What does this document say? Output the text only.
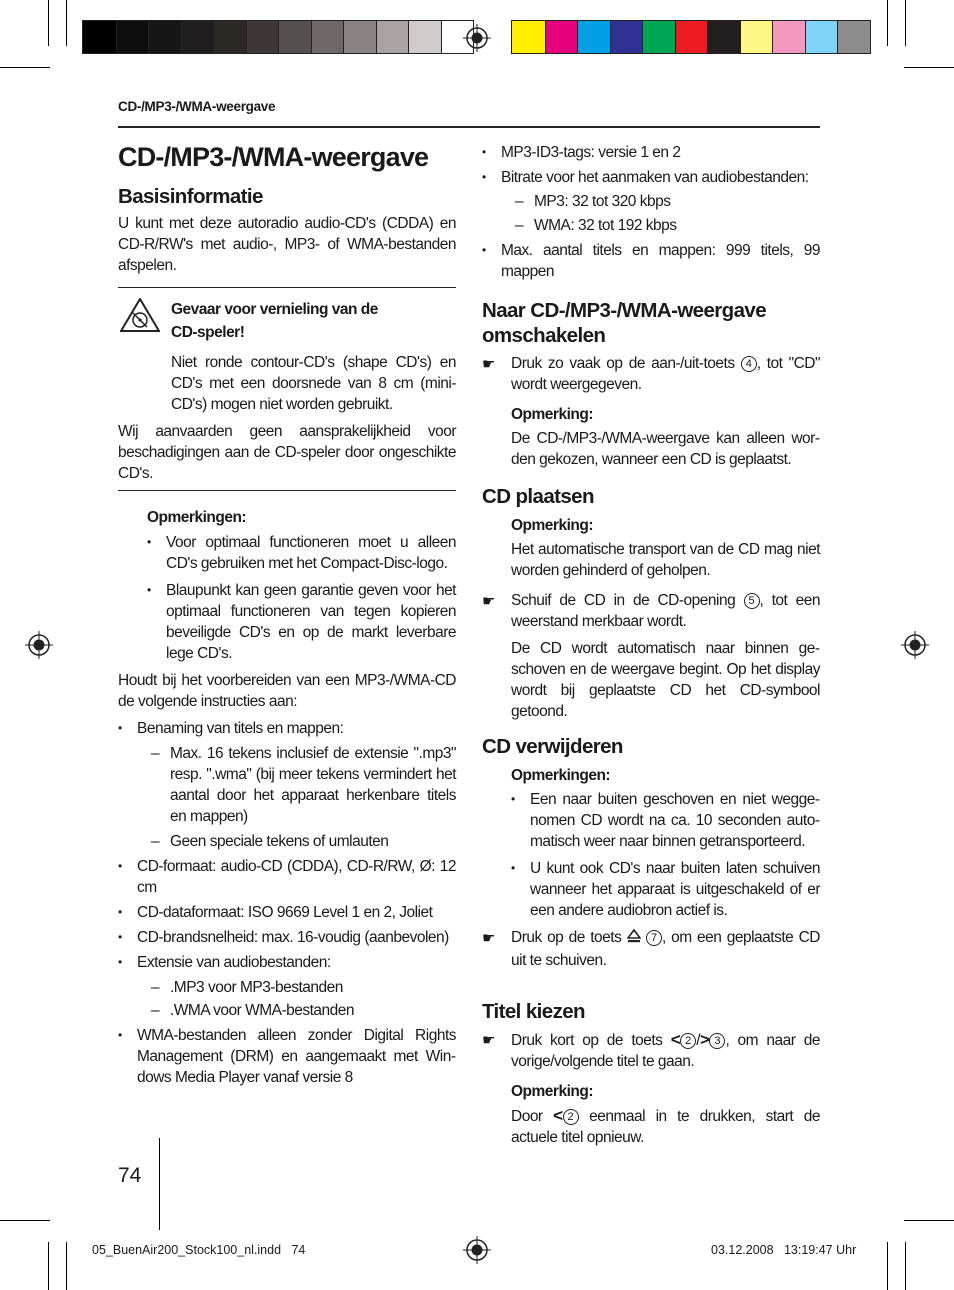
CD-/MP3-/WMA-weergave
CD-/MP3-/WMA-weergave
Basisinformatie

U kunt met deze autoradio audio-CD's (CDDA) en CD-R/RW's met audio-, MP3- of WMA-bestanden afspelen.

Gevaar voor vernieling van de CD-speler!

Niet ronde contour-CD's (shape CD's) en CD's met een doorsnede van 8 cm (mini-CD's) mogen niet worden gebruikt.

Wij aanvaarden geen aansprakelijkheid voor beschadigingen aan de CD-speler door ongeschikte CD's.

Opmerkingen:

• Voor optimaal functioneren moet u alleen CD's gebruiken met het Compact-Disc-logo.

• Blaupunkt kan geen garantie geven voor het optimaal functioneren van tegen kopieren beveiligde CD's en op de markt leverbare lege CD's.

Houdt bij het voorbereiden van een MP3-/WMA-CD de volgende instructies aan:

• Benaming van titels en mappen:

– Max. 16 tekens inclusief de extensie ".mp3" resp. ".wma" (bij meer tekens vermindert het aantal door het apparaat herkenbare titels en mappen)

– Geen speciale tekens of umlauten

• CD-formaat: audio-CD (CDDA), CD-R/RW, Ø: 12 cm

• CD-dataformaat: ISO 9669 Level 1 en 2, Joliet

• CD-brandsnelheid: max. 16-voudig (aanbevolen)

• Extensie van audiobestanden:

– .MP3 voor MP3-bestanden

– .WMA voor WMA-bestanden

• WMA-bestanden alleen zonder Digital Rights Management (DRM) en aangemaakt met Windows Media Player vanaf versie 8

• MP3-ID3-tags: versie 1 en 2

• Bitrate voor het aanmaken van audiobestanden:

– MP3: 32 tot 320 kbps

– WMA: 32 tot 192 kbps

• Max. aantal titels en mappen: 999 titels, 99 mappen

Naar CD-/MP3-/WMA-weergave omschakelen

☛ Druk zo vaak op de aan-/uit-toets 4 , tot "CD" wordt weergegeven.

Opmerking:

De CD-/MP3-/WMA-weergave kan alleen worden gekozen, wanneer een CD is geplaatst.

CD plaatsen

Opmerking:

Het automatische transport van de CD mag niet worden gehinderd of geholpen.

☛ Schuif de CD in de CD-opening 5 , tot een weerstand merkbaar wordt.

De CD wordt automatisch naar binnen geschoven en de weergave begint. Op het display wordt bij geplaatste CD het CD-symbool getoond.

CD verwijderen

Opmerkingen:

• Een naar buiten geschoven en niet weggenomen CD wordt na ca. 10 seconden automatisch weer naar binnen getransporteerd.

• U kunt ook CD's naar buiten laten schuiven wanneer het apparaat is uitgeschakeld of er een andere audiobron actief is.

☛ Druk op de toets	7 , om een geplaatste CD uit te schuiven.

Titel kiezen

☛ Druk kort op de toets < 2 /> 3 , om naar de vorige/volgende titel te gaan.

Opmerking:

Door < 2 eenmaal in te drukken, start de actuele titel opnieuw.

74
05_BuenAir200_Stock100_nl.indd   74	03.12.2008   13:19:47 Uhr
